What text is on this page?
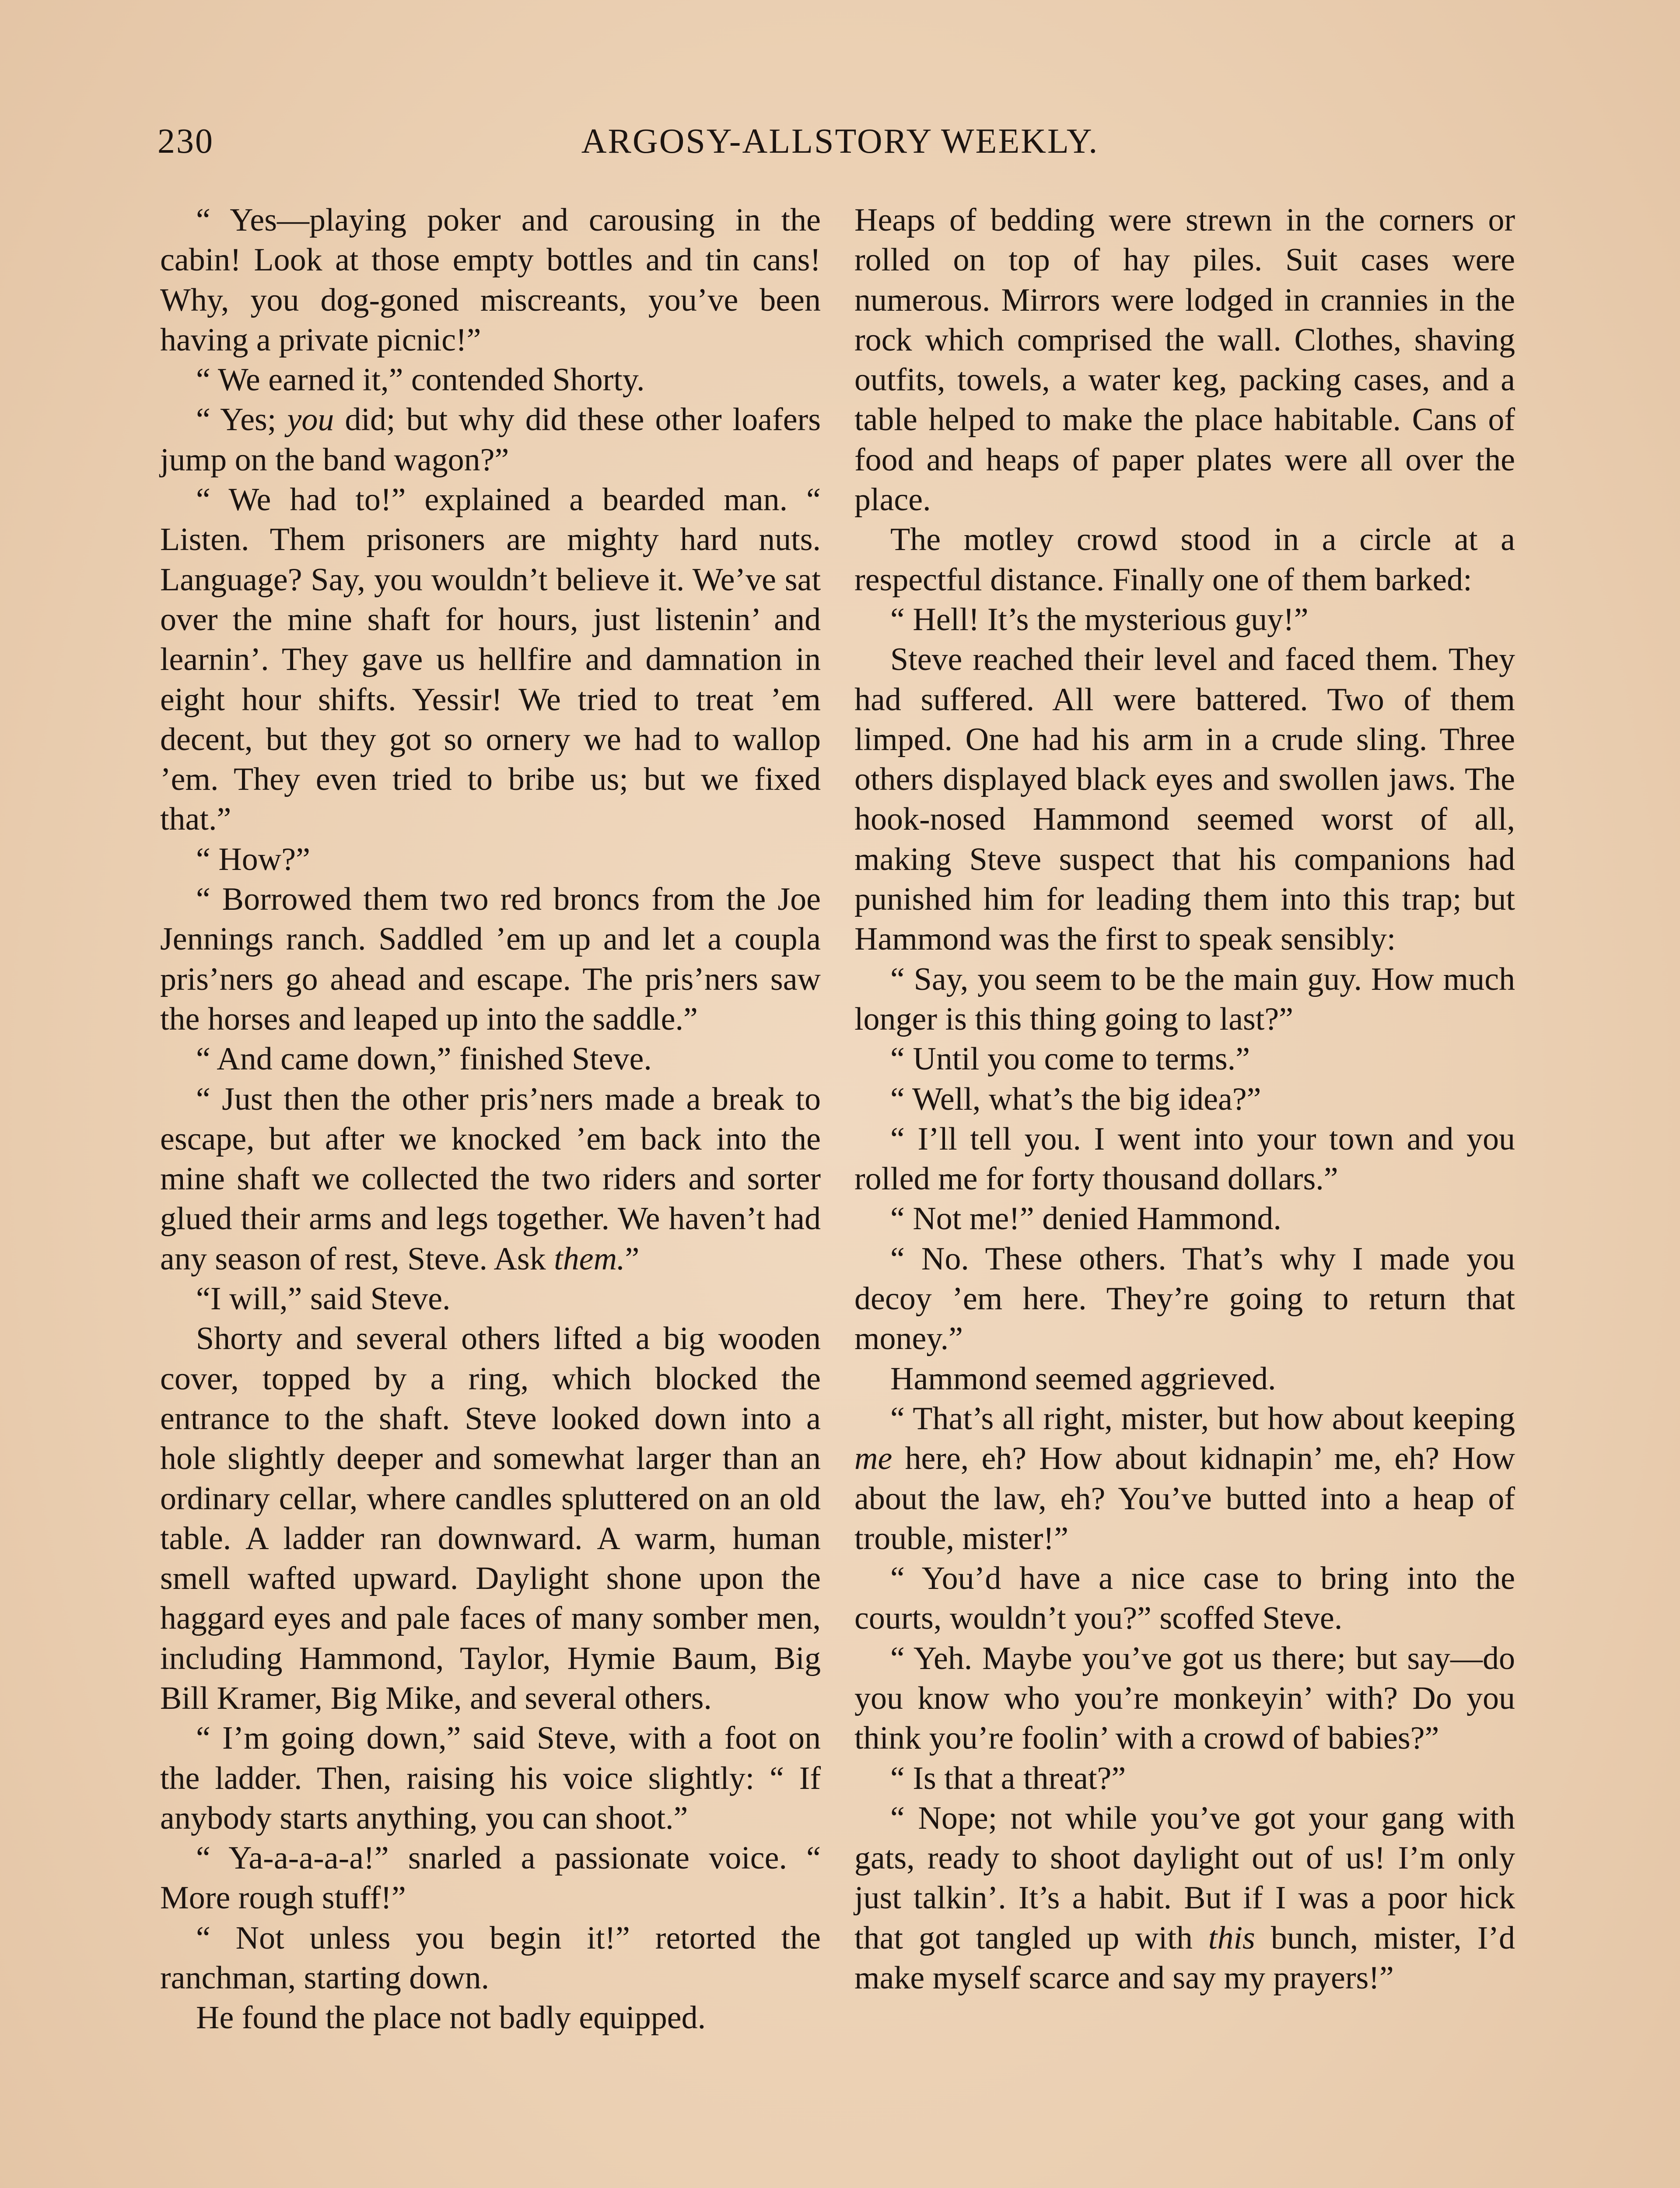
230	ARGOSY-ALLSTORY WEEKLY.

“ Yes—playing poker and carousing in the cabin! Look at those empty bottles and tin cans! Why, you dog-goned miscreants, you’ve been having a private picnic!”

“ We earned it,” contended Shorty.

“ Yes; you did; but why did these other loafers jump on the band wagon?”

“ We had to!” explained a bearded man. “ Listen. Them prisoners are mighty hard nuts. Language? Say, you wouldn’t believe it. We’ve sat over the mine shaft for hours, just listenin’ and learnin’. They gave us hellfire and damnation in eight hour shifts. Yessir! We tried to treat ’em decent, but they got so ornery we had to wallop ’em. They even tried to bribe us; but we fixed that.”

“ How?”

“ Borrowed them two red broncs from the Joe Jennings ranch. Saddled ’em up and let a coupla pris’ners go ahead and escape. The pris’ners saw the horses and leaped up into the saddle.”

“ And came down,” finished Steve.

“ Just then the other pris’ners made a break to escape, but after we knocked ’em back into the mine shaft we collected the two riders and sorter glued their arms and legs together. We haven’t had any season of rest, Steve. Ask them.”

“I will,” said Steve.

Shorty and several others lifted a big wooden cover, topped by a ring, which blocked the entrance to the shaft. Steve looked down into a hole slightly deeper and somewhat larger than an ordinary cellar, where candles spluttered on an old table. A ladder ran downward. A warm, human smell wafted upward. Daylight shone upon the haggard eyes and pale faces of many somber men, including Hammond, Taylor, Hymie Baum, Big Bill Kramer, Big Mike, and several others.

“ I’m going down,” said Steve, with a foot on the ladder. Then, raising his voice slightly: “ If anybody starts anything, you can shoot.”

“ Ya-a-a-a-a!” snarled a passionate voice. “ More rough stuff!”

“ Not unless you begin it!” retorted the ranchman, starting down.

He found the place not badly equipped.

Heaps of bedding were strewn in the corners or rolled on top of hay piles. Suit cases were numerous. Mirrors were lodged in crannies in the rock which comprised the wall. Clothes, shaving outfits, towels, a water keg, packing cases, and a table helped to make the place habitable. Cans of food and heaps of paper plates were all over the place.

The motley crowd stood in a circle at a respectful distance. Finally one of them barked:

“ Hell! It’s the mysterious guy!”

Steve reached their level and faced them. They had suffered. All were battered. Two of them limped. One had his arm in a crude sling. Three others displayed black eyes and swollen jaws. The hook-nosed Hammond seemed worst of all, making Steve suspect that his companions had punished him for leading them into this trap; but Hammond was the first to speak sensibly:

“ Say, you seem to be the main guy. How much longer is this thing going to last?”

“ Until you come to terms.”

“ Well, what’s the big idea?”

“ I’ll tell you. I went into your town and you rolled me for forty thousand dollars.”

“ Not me!” denied Hammond.

“ No. These others. That’s why I made you decoy ’em here. They’re going to return that money.”

Hammond seemed aggrieved.

“ That’s all right, mister, but how about keeping me here, eh? How about kidnapin’ me, eh? How about the law, eh? You’ve butted into a heap of trouble, mister!”

“ You’d have a nice case to bring into the courts, wouldn’t you?” scoffed Steve.

“ Yeh. Maybe you’ve got us there; but say—do you know who you’re monkeyin’ with? Do you think you’re foolin’ with a crowd of babies?”

“ Is that a threat?”

“ Nope; not while you’ve got your gang with gats, ready to shoot daylight out of us! I’m only just talkin’. It’s a habit. But if I was a poor hick that got tangled up with this bunch, mister, I’d make myself scarce and say my prayers!”
